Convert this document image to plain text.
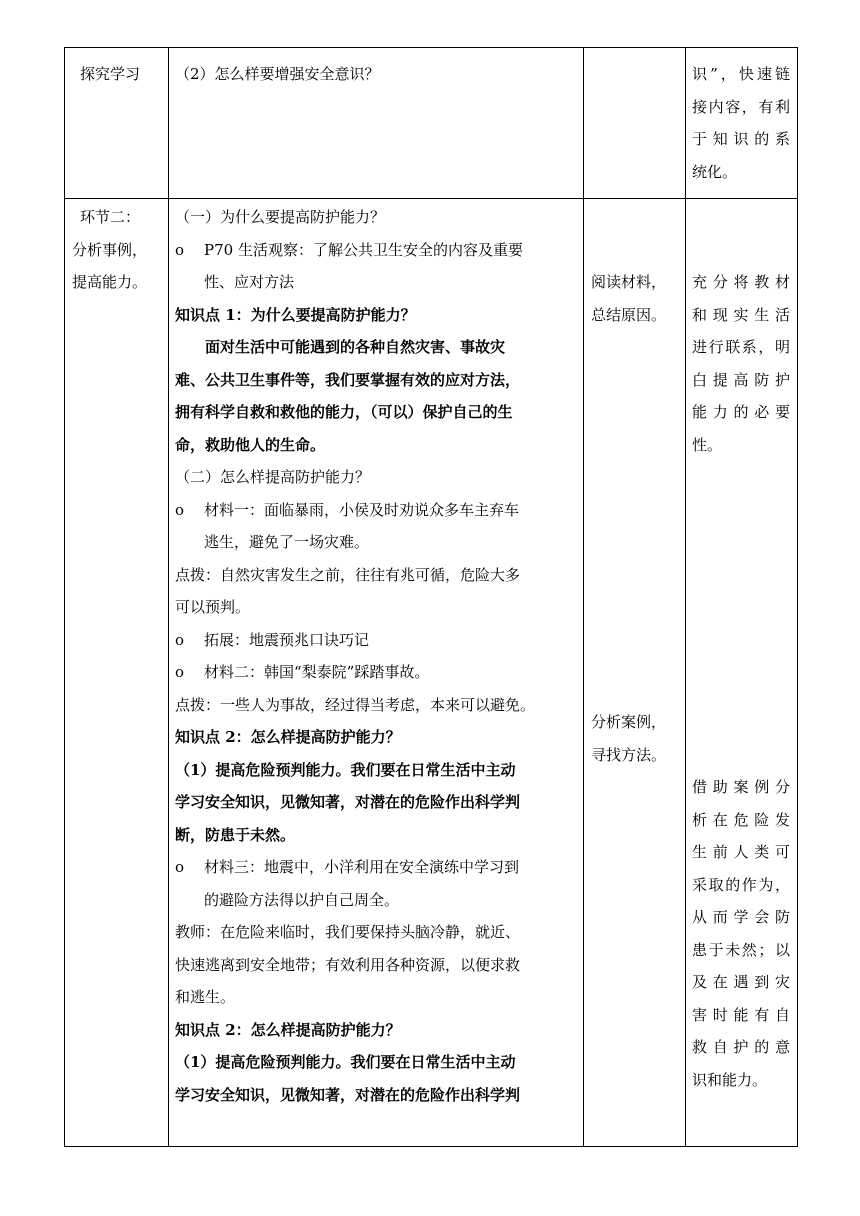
探究学习 （2）怎么样要增强安全意识？	识”，快速链
接内容，有利
于知识的系
统化。
环节二：
分析事例，
提高能力。
（一）为什么要提高防护能力？
o P70 生活观察：了解公共卫生安全的内容及重要
性、应对方法
知识点 1：为什么要提高防护能力？
面对生活中可能遇到的各种自然灾害、事故灾
难、公共卫生事件等，我们要掌握有效的应对方法，
拥有科学自救和救他的能力，（可以）保护自己的生
命，救助他人的生命。
（二）怎么样提高防护能力？
o 材料一：面临暴雨，小侯及时劝说众多车主弃车
逃生，避免了一场灾难。
点拨：自然灾害发生之前，往往有兆可循，危险大多
可以预判。
o 拓展：地震预兆口诀巧记
o 材料二：韩国“梨泰院”踩踏事故。
点拨：一些人为事故，经过得当考虑，本来可以避免。
知识点 2：怎么样提高防护能力？
（1）提高危险预判能力。我们要在日常生活中主动
学习安全知识，见微知著，对潜在的危险作出科学判
断，防患于未然。
o 材料三：地震中，小洋利用在安全演练中学习到
的避险方法得以护自己周全。
教师：在危险来临时，我们要保持头脑冷静，就近、
快速逃离到安全地带；有效利用各种资源，以便求救
和逃生。
知识点 2：怎么样提高防护能力？
（1）提高危险预判能力。我们要在日常生活中主动
学习安全知识，见微知著，对潜在的危险作出科学判
阅读材料，
总结原因。
分析案例，
寻找方法。
充分将教材
和现实生活
进行联系，明
白提高防护
能力的必要
性。
借助案例分
析在危险发
生前人类可
采取的作为，
从而学会防
患于未然；以
及在遇到灾
害时能有自
救自护的意
识和能力。
